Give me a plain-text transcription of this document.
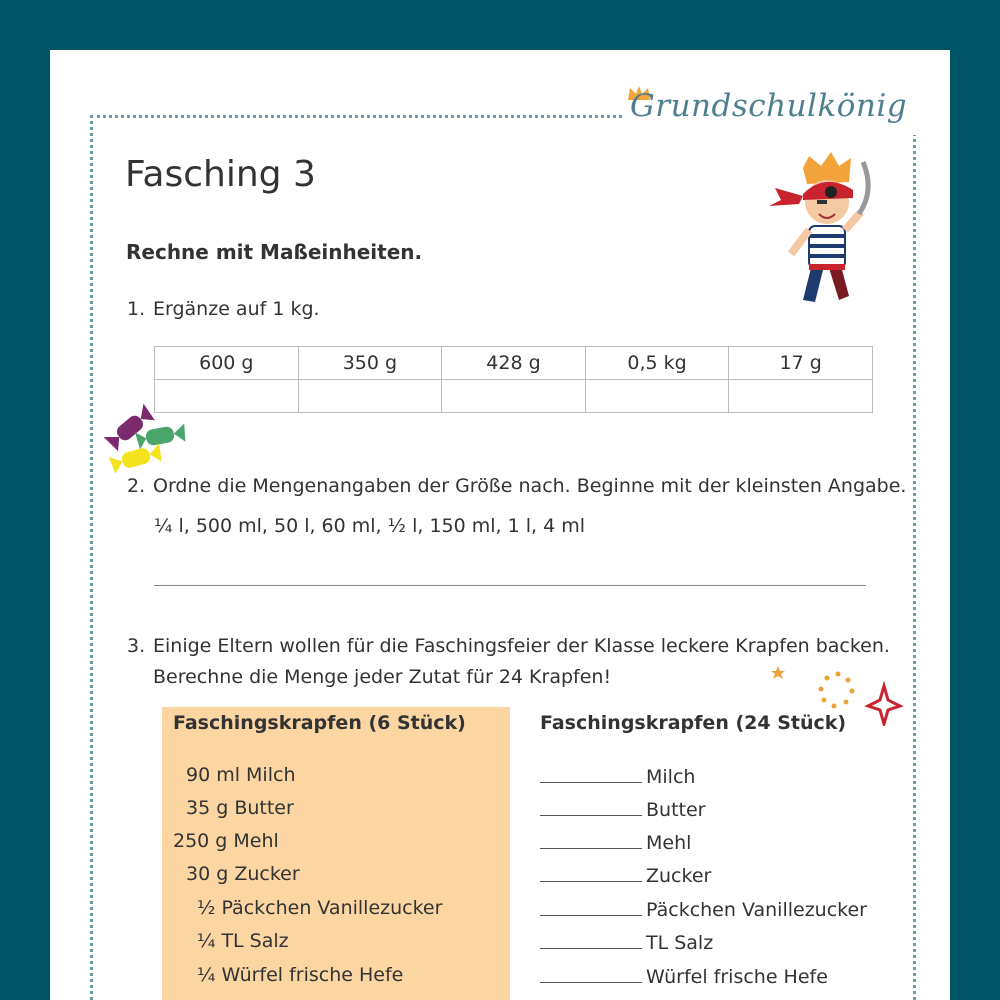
Grundschulkönig
Fasching 3
Rechne mit Maßeinheiten.
1. Ergänze auf 1 kg.
600 g	350 g	428 g	0,5 kg	17 g

2. Ordne die Mengenangaben der Größe nach. Beginne mit der kleinsten Angabe.
¼ l, 500 ml, 50 l, 60 ml, ½ l, 150 ml, 1 l, 4 ml
3. Einige Eltern wollen für die Faschingsfeier der Klasse leckere Krapfen backen.
Berechne die Menge jeder Zutat für 24 Krapfen!
Faschingskrapfen (6 Stück)
90 ml Milch
35 g Butter
250 g Mehl
30 g Zucker
½ Päckchen Vanillezucker
¼ TL Salz
¼ Würfel frische Hefe
Faschingskrapfen (24 Stück)
Milch
Butter
Mehl
Zucker
Päckchen Vanillezucker
TL Salz
Würfel frische Hefe
